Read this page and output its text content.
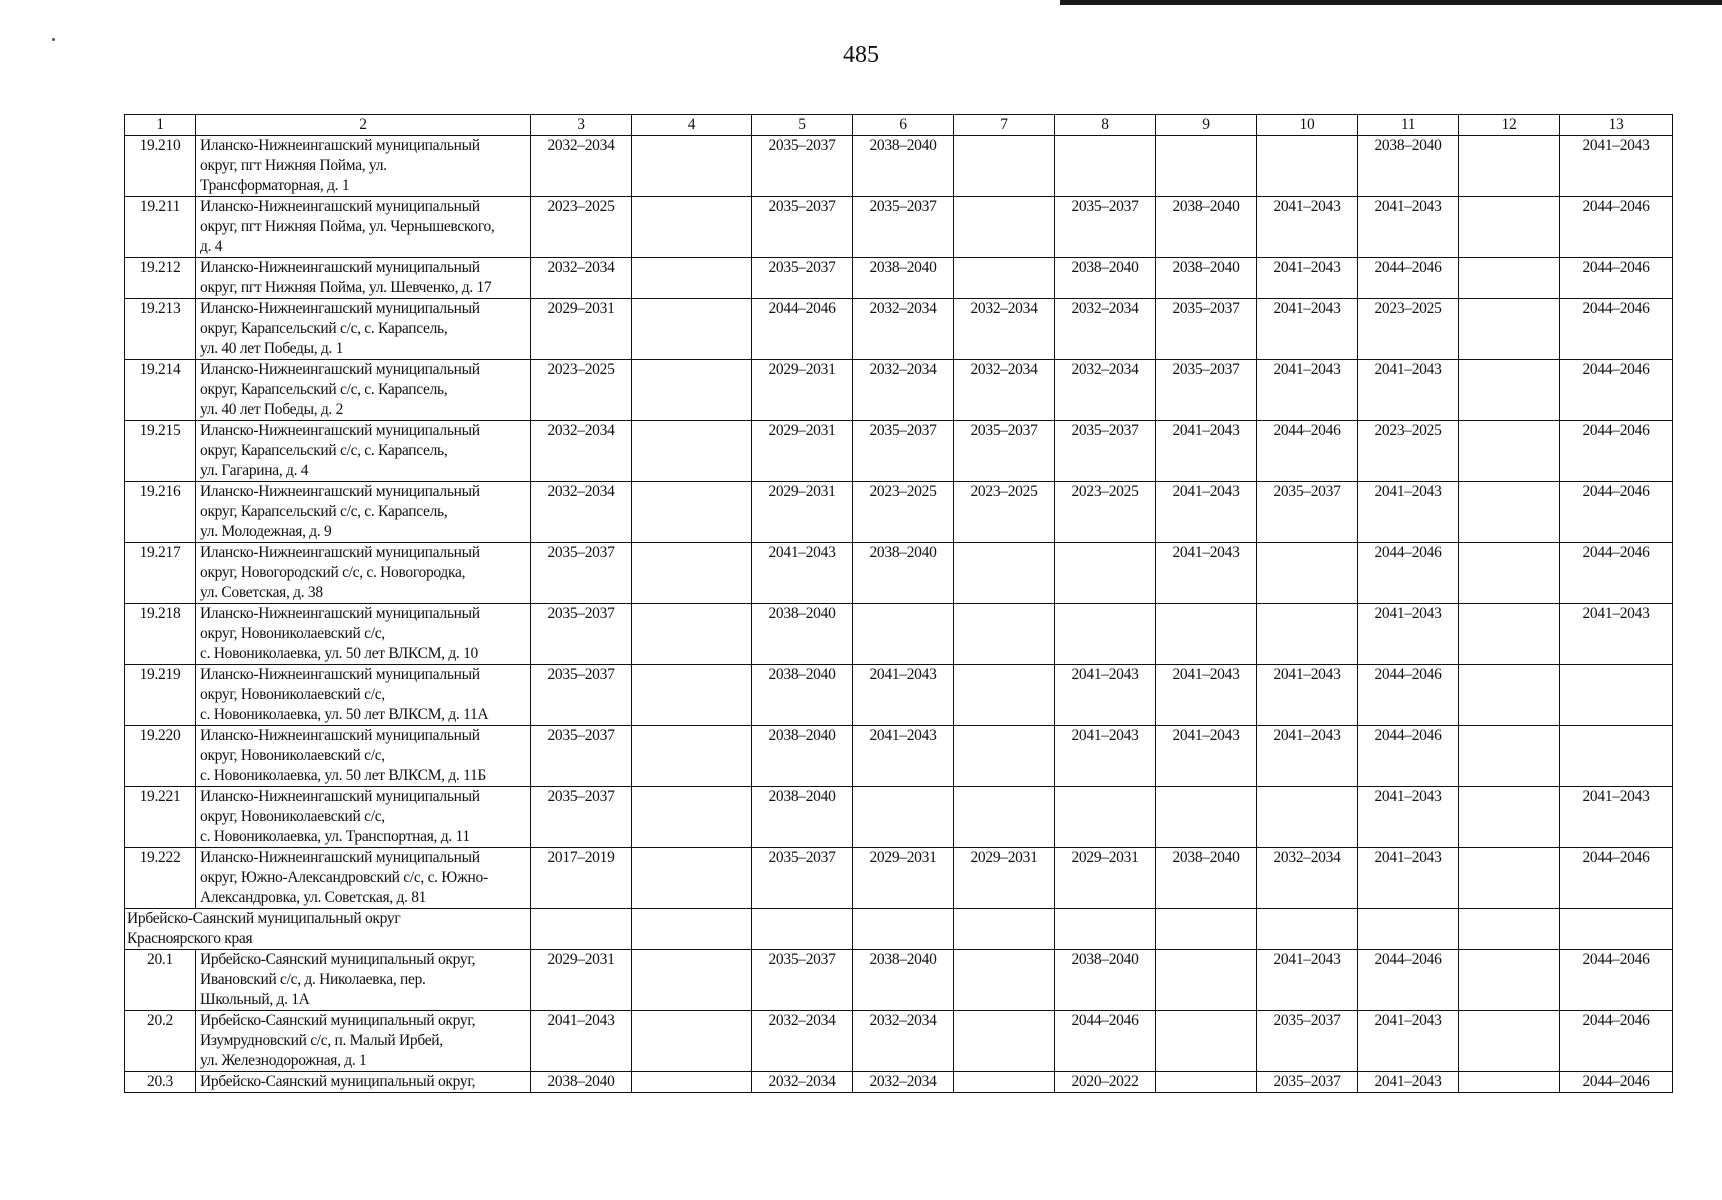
485
1	2	3	4	5	6	7	8	9	10	11	12	13
19.210	Иланско-Нижнеингашский муниципальный
округ, пгт Нижняя Пойма, ул.
Трансформаторная, д. 1	2032–2034		2035–2037	2038–2040					2038–2040		2041–2043
19.211	Иланско-Нижнеингашский муниципальный
округ, пгт Нижняя Пойма, ул. Чернышевского,
д. 4	2023–2025		2035–2037	2035–2037		2035–2037	2038–2040	2041–2043	2041–2043		2044–2046
19.212	Иланско-Нижнеингашский муниципальный
округ, пгт Нижняя Пойма, ул. Шевченко, д. 17	2032–2034		2035–2037	2038–2040		2038–2040	2038–2040	2041–2043	2044–2046		2044–2046
19.213	Иланско-Нижнеингашский муниципальный
округ, Карапсельский с/с, с. Карапсель,
ул. 40 лет Победы, д. 1	2029–2031		2044–2046	2032–2034	2032–2034	2032–2034	2035–2037	2041–2043	2023–2025		2044–2046
19.214	Иланско-Нижнеингашский муниципальный
округ, Карапсельский с/с, с. Карапсель,
ул. 40 лет Победы, д. 2	2023–2025		2029–2031	2032–2034	2032–2034	2032–2034	2035–2037	2041–2043	2041–2043		2044–2046
19.215	Иланско-Нижнеингашский муниципальный
округ, Карапсельский с/с, с. Карапсель,
ул. Гагарина, д. 4	2032–2034		2029–2031	2035–2037	2035–2037	2035–2037	2041–2043	2044–2046	2023–2025		2044–2046
19.216	Иланско-Нижнеингашский муниципальный
округ, Карапсельский с/с, с. Карапсель,
ул. Молодежная, д. 9	2032–2034		2029–2031	2023–2025	2023–2025	2023–2025	2041–2043	2035–2037	2041–2043		2044–2046
19.217	Иланско-Нижнеингашский муниципальный
округ, Новогородский с/с, с. Новогородка,
ул. Советская, д. 38	2035–2037		2041–2043	2038–2040			2041–2043		2044–2046		2044–2046
19.218	Иланско-Нижнеингашский муниципальный
округ, Новониколаевский с/с,
с. Новониколаевка, ул. 50 лет ВЛКСМ, д. 10	2035–2037		2038–2040						2041–2043		2041–2043
19.219	Иланско-Нижнеингашский муниципальный
округ, Новониколаевский с/с,
с. Новониколаевка, ул. 50 лет ВЛКСМ, д. 11А	2035–2037		2038–2040	2041–2043		2041–2043	2041–2043	2041–2043	2044–2046		
19.220	Иланско-Нижнеингашский муниципальный
округ, Новониколаевский с/с,
с. Новониколаевка, ул. 50 лет ВЛКСМ, д. 11Б	2035–2037		2038–2040	2041–2043		2041–2043	2041–2043	2041–2043	2044–2046		
19.221	Иланско-Нижнеингашский муниципальный
округ, Новониколаевский с/с,
с. Новониколаевка, ул. Транспортная, д. 11	2035–2037		2038–2040						2041–2043		2041–2043
19.222	Иланско-Нижнеингашский муниципальный
округ, Южно-Александровский с/с, с. Южно-
Александровка, ул. Советская, д. 81	2017–2019		2035–2037	2029–2031	2029–2031	2029–2031	2038–2040	2032–2034	2041–2043		2044–2046

Ирбейско-Саянский муниципальный округ
Красноярского края												

20.1	Ирбейско-Саянский муниципальный округ,
Ивановский с/с, д. Николаевка, пер.
Школьный, д. 1А	2029–2031		2035–2037	2038–2040		2038–2040		2041–2043	2044–2046		2044–2046
20.2	Ирбейско-Саянский муниципальный округ,
Изумрудновский с/с, п. Малый Ирбей,
ул. Железнодорожная, д. 1	2041–2043		2032–2034	2032–2034		2044–2046		2035–2037	2041–2043		2044–2046
20.3	Ирбейско-Саянский муниципальный округ,	2038–2040		2032–2034	2032–2034		2020–2022		2035–2037	2041–2043		2044–2046
